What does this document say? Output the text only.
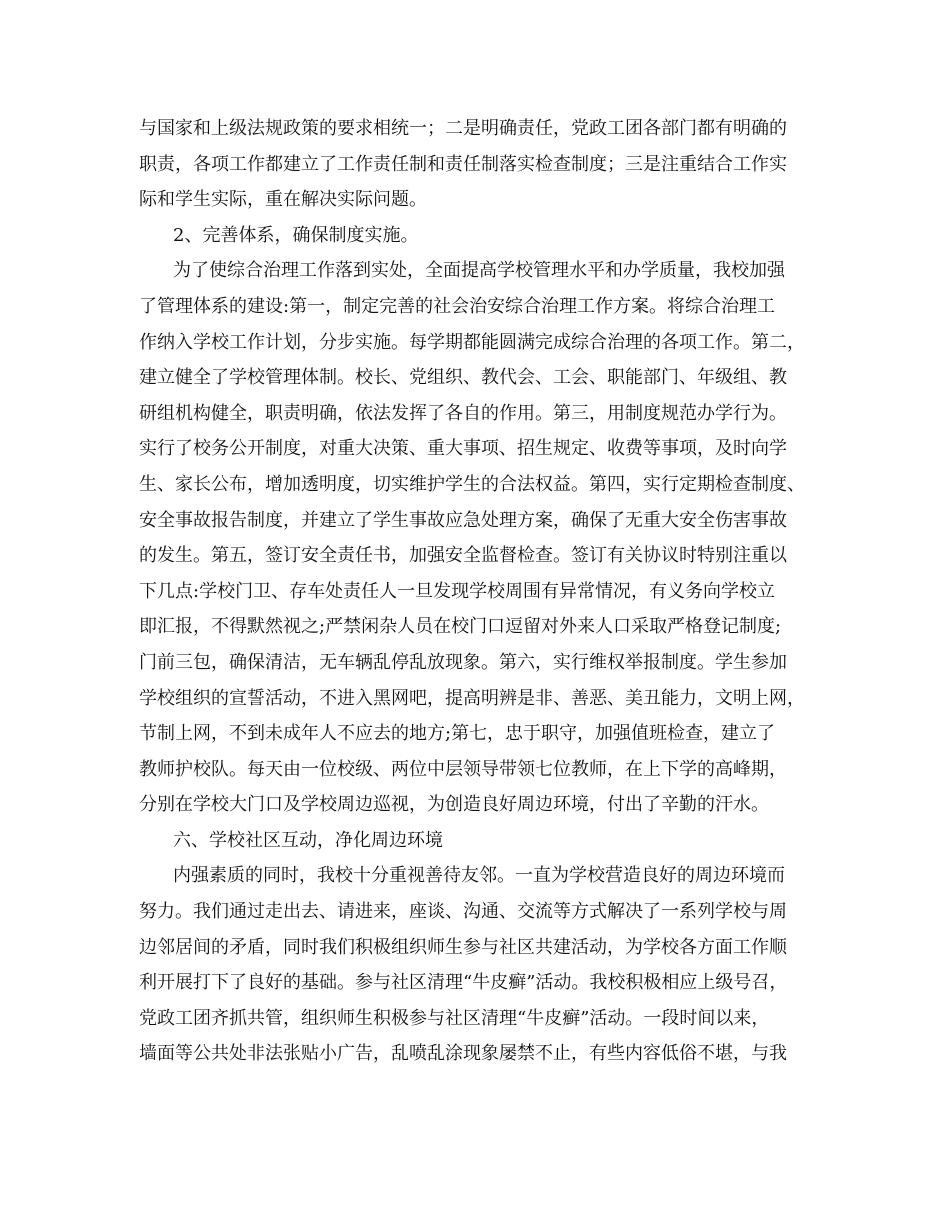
与国家和上级法规政策的要求相统一；二是明确责任，党政工团各部门都有明确的
职责，各项工作都建立了工作责任制和责任制落实检查制度；三是注重结合工作实
际和学生实际，重在解决实际问题。
2、完善体系，确保制度实施。
为了使综合治理工作落到实处，全面提高学校管理水平和办学质量，我校加强
了管理体系的建设:第一，制定完善的社会治安综合治理工作方案。将综合治理工
作纳入学校工作计划，分步实施。每学期都能圆满完成综合治理的各项工作。第二，
建立健全了学校管理体制。校长、党组织、教代会、工会、职能部门、年级组、教
研组机构健全，职责明确，依法发挥了各自的作用。第三，用制度规范办学行为。
实行了校务公开制度，对重大决策、重大事项、招生规定、收费等事项，及时向学
生、家长公布，增加透明度，切实维护学生的合法权益。第四，实行定期检查制度、
安全事故报告制度，并建立了学生事故应急处理方案，确保了无重大安全伤害事故
的发生。第五，签订安全责任书，加强安全监督检查。签订有关协议时特别注重以
下几点:学校门卫、存车处责任人一旦发现学校周围有异常情况，有义务向学校立
即汇报，不得默然视之;严禁闲杂人员在校门口逗留对外来人口采取严格登记制度;
门前三包，确保清洁，无车辆乱停乱放现象。第六，实行维权举报制度。学生参加
学校组织的宣誓活动，不进入黑网吧，提高明辨是非、善恶、美丑能力，文明上网，
节制上网，不到未成年人不应去的地方;第七，忠于职守，加强值班检查，建立了
教师护校队。每天由一位校级、两位中层领导带领七位教师，在上下学的高峰期，
分别在学校大门口及学校周边巡视，为创造良好周边环境，付出了辛勤的汗水。
六、学校社区互动，净化周边环境
内强素质的同时，我校十分重视善待友邻。一直为学校营造良好的周边环境而
努力。我们通过走出去、请进来，座谈、沟通、交流等方式解决了一系列学校与周
边邻居间的矛盾，同时我们积极组织师生参与社区共建活动，为学校各方面工作顺
利开展打下了良好的基础。参与社区清理“牛皮癣”活动。我校积极相应上级号召，
党政工团齐抓共管，组织师生积极参与社区清理“牛皮癣”活动。一段时间以来，
墙面等公共处非法张贴小广告，乱喷乱涂现象屡禁不止，有些内容低俗不堪，与我
